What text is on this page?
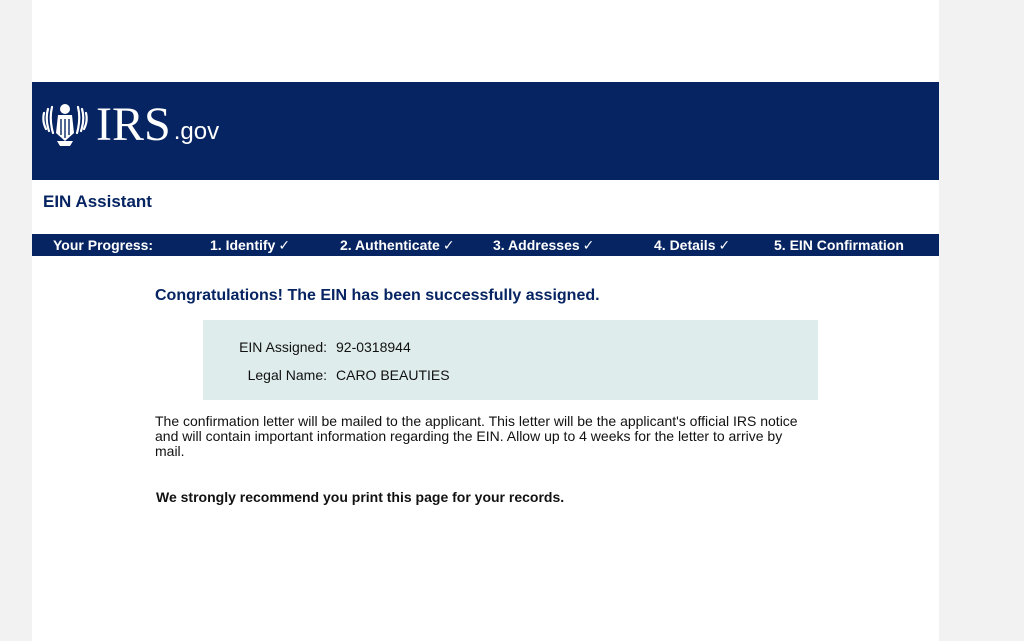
IRS .gov
EIN Assistant
Your Progress:	1. Identify ✓	2. Authenticate ✓	3. Addresses ✓	4. Details ✓	5. EIN Confirmation
Congratulations! The EIN has been successfully assigned.
EIN Assigned: 92-0318944
Legal Name: CARO BEAUTIES
The confirmation letter will be mailed to the applicant. This letter will be the applicant's official IRS notice and will contain important information regarding the EIN. Allow up to 4 weeks for the letter to arrive by mail.
We strongly recommend you print this page for your records.
